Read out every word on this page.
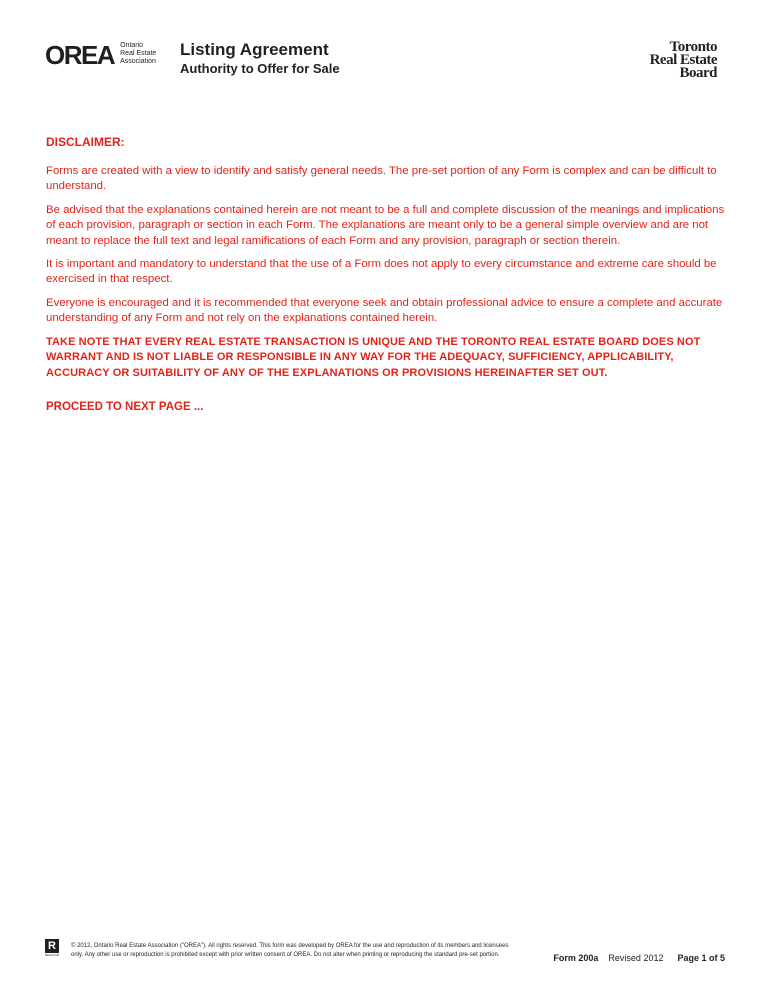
OREA Ontario
Real Estate
Association
Listing Agreement
Authority to Offer for Sale
Toronto
Real Estate
Board

DISCLAIMER:

Forms are created with a view to identify and satisfy general needs. The pre-set portion of any Form is complex and can be difficult to understand.

Be advised that the explanations contained herein are not meant to be a full and complete discussion of the meanings and implications of each provision, paragraph or section in each Form. The explanations are meant only to be a general simple overview and are not meant to replace the full text and legal ramifications of each Form and any provision, paragraph or section therein.

It is important and mandatory to understand that the use of a Form does not apply to every circumstance and extreme care should be exercised in that respect.

Everyone is encouraged and it is recommended that everyone seek and obtain professional advice to ensure a complete and accurate understanding of any Form and not rely on the explanations contained herein.

TAKE NOTE THAT EVERY REAL ESTATE TRANSACTION IS UNIQUE AND THE TORONTO REAL ESTATE BOARD DOES NOT WARRANT AND IS NOT LIABLE OR RESPONSIBLE IN ANY WAY FOR THE ADEQUACY, SUFFICIENCY, APPLICABILITY, ACCURACY OR SUITABILITY OF ANY OF THE EXPLANATIONS OR PROVISIONS HEREINAFTER SET OUT.

PROCEED TO NEXT PAGE ...

R
REALTOR
© 2012, Ontario Real Estate Association ("OREA"). All rights reserved. This form was developed by OREA for the use and reproduction of its members and licensees
only. Any other use or reproduction is prohibited except with prior written consent of OREA. Do not alter when printing or reproducing the standard pre-set portion.	Form 200a Revised 2012 Page 1 of 5
